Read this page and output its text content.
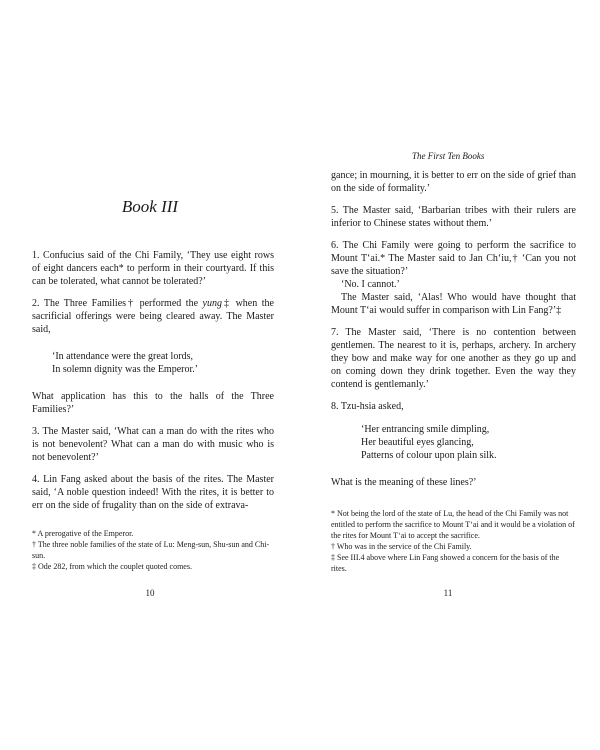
Book III

1. Confucius said of the Chi Family, ‘They use eight rows of eight dancers each* to perform in their courtyard. If this can be tolerated, what cannot be tolerated?’

2. The Three Families† performed the yung‡ when the sacrificial offerings were being cleared away. The Master said,

‘In attendance were the great lords,
In solemn dignity was the Emperor.’

What application has this to the halls of the Three Families?’

3. The Master said, ‘What can a man do with the rites who is not benevolent? What can a man do with music who is not benevolent?’

4. Lin Fang asked about the basis of the rites. The Master said, ‘A noble question indeed! With the rites, it is better to err on the side of frugality than on the side of extrava-

* A prerogative of the Emperor.
† The three noble families of the state of Lu: Meng-sun, Shu-sun and Chi-sun.
‡ Ode 282, from which the couplet quoted comes.
10
The First Ten Books

gance; in mourning, it is better to err on the side of grief than on the side of formality.’

5. The Master said, ‘Barbarian tribes with their rulers are inferior to Chinese states without them.’

6. The Chi Family were going to perform the sacrifice to Mount T‘ai.* The Master said to Jan Ch‘iu,† ‘Can you not save the situation?’

‘No. I cannot.’

The Master said, ‘Alas! Who would have thought that Mount T‘ai would suffer in comparison with Lin Fang?’‡

7. The Master said, ‘There is no contention between gentlemen. The nearest to it is, perhaps, archery. In archery they bow and make way for one another as they go up and on coming down they drink together. Even the way they contend is gentlemanly.’

8. Tzu-hsia asked,

‘Her entrancing smile dimpling,
Her beautiful eyes glancing,
Patterns of colour upon plain silk.

What is the meaning of these lines?’

* Not being the lord of the state of Lu, the head of the Chi Family was not entitled to perform the sacrifice to Mount T‘ai and it would be a violation of the rites for Mount T‘ai to accept the sacrifice.
† Who was in the service of the Chi Family.
‡ See III.4 above where Lin Fang showed a concern for the basis of the rites.
11
